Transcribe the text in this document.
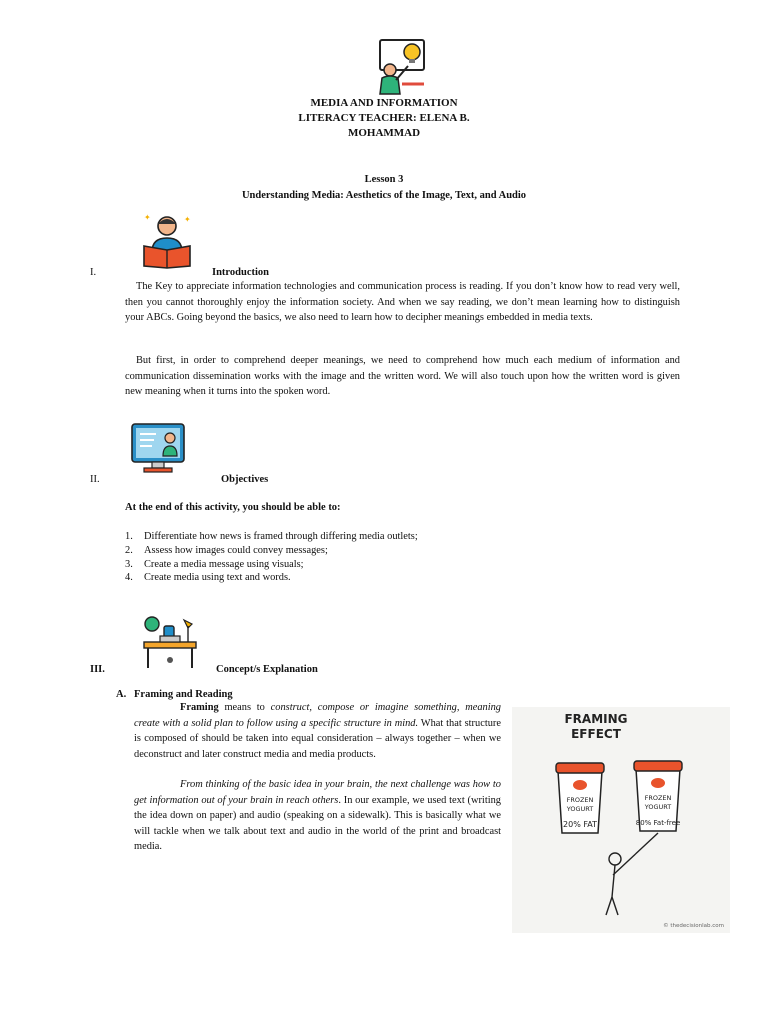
MEDIA AND INFORMATION
LITERACY TEACHER: ELENA B.
MOHAMMAD
Lesson 3
Understanding Media: Aesthetics of the Image, Text, and Audio
✦	✦
I.	Introduction
The Key to appreciate information technologies and communication process is reading. If you don’t know how to read very well, then you cannot thoroughly enjoy the information society. And when we say reading, we don’t mean learning how to distinguish your ABCs. Going beyond the basics, we also need to learn how to decipher meanings embedded in media texts.
But first, in order to comprehend deeper meanings, we need to comprehend how much each medium of information and communication dissemination works with the image and the written word. We will also touch upon how the written word is given new meaning when it turns into the spoken word.
II.	Objectives
At the end of this activity, you should be able to:
1. Differentiate how news is framed through differing media outlets;
2. Assess how images could convey messages;
3. Create a media message using visuals;
4. Create media using text and words.
III.	Concept/s Explanation
A. Framing and Reading
Framing means to construct, compose or imagine something, meaning create with a solid plan to follow using a specific structure in mind. What that structure is composed of should be taken into equal consideration – always together – when we deconstruct and later construct media and media products.
From thinking of the basic idea in your brain, the next challenge was how to get information out of your brain in reach others. In our example, we used text (writing the idea down on paper) and audio (speaking on a sidewalk). This is basically what we will tackle when we talk about text and audio in the world of the print and broadcast media.
FRAMING
EFFECT
FROZEN
YOGURT
20% FAT
FROZEN
YOGURT
80% Fat-free
© thedecisionlab.com
